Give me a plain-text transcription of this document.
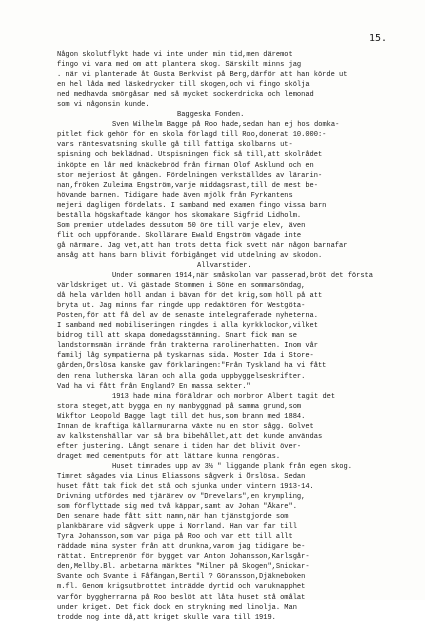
15.
Någon skolutflykt hade vi inte under min tid,men däremot
fingo vi vara med om att plantera skog. Särskilt minns jag
. när vi planterade åt Gusta Berkvist på Berg,därför att han körde ut
en hel låda med läskedrycker till skogen,och vi fingo skölja
ned medhavda smörgåsar med så mycket sockerdricka och lemonad
som vi någonsin kunde.
Baggeska Fonden.
Sven Wilhelm Bagge på Roo hade,sedan han ej hos domka-
pitlet fick gehör för en skola förlagd till Roo,donerat 10.000:-
vars räntesvatsning skulle gå till fattiga skolbarns ut-
spisning och beklädnad. Utspisningen fick så till,att skolrådet
inköpte en lår med knäckebröd från firman Olof Asklund och en
stor mejeriost åt gången. Fördelningen verkställdes av lärarin-
nan,fröken Zuleima Engström,varje middagsrast,till de mest be-
hövande barnen. Tidigare hade även mjölk från Fyrkantens
mejeri dagligen fördelats. I samband med examen fingo vissa barn
beställa högskaftade kängor hos skomakare Sigfrid Lidholm.
Som premier utdelades dessutom 50 öre till varje elev, även
flit och uppförande. Skollärare Ewald Engström vägade inte
gå närmare. Jag vet,att han trots detta fick svett när någon barnafar
ansåg att hans barn blivit förbigånget vid utdelning av skodon.
Allvarstider.
Under sommaren 1914,när småskolan var passerad,bröt det första
världskriget ut. Vi gästade Stommen i Söne en sommarsöndag,
då hela världen höll andan i bävan för det krig,som höll på att
bryta ut. Jag minns far ringde upp redaktören för Westgöta-
Posten,för att få del av de senaste intelegraferade nyheterna.
I samband med mobiliseringen ringdes i alla kyrkklockor,vilket
bidrog till att skapa domedagsstämning. Snart fick man se
landstormsmän irrände från trakterna rarolinerhatten. Inom vår
familj låg sympatierna på tyskarnas sida. Moster Ida i Store-
gården,Örslösa kanske gav förklaringen:"Från Tyskland ha vi fått
den rena lutherska läran och alla goda uppbyggelseskrifter.
Vad ha vi fått från England? En massa sekter."
1913 hade mina föräldrar och morbror Albert tagit det
stora steget,att bygga en ny manbyggnad på samma grund,som
Wikftor Leopold Bagge lagt till det hus,som brann med 1884.
Innan de kraftiga källarmurarna växte nu en stor sågg. Golvet
av kalkstenshällar var så bra bibehållet,att det kunde användas
efter justering. Långt senare i tiden har det blivit över-
draget med cementputs för att lättare kunna rengöras.
Huset timrades upp av 3½ " liggande plank från egen skog.
Timret sågades via Linus Eliassons sågverk i Örslösa. Sedan
huset fått tak fick det stå och sjunka under vintern 1913-14.
Drivning utfördes med tjärärev ov "Drevelars",en krympling,
som förflyttade sig med två käppar,samt av Johan "Åkare".
Den senare hade fått sitt namn,när han tjänstgjorde som
plankbärare vid sågverk uppe i Norrland. Han var far till
Tyra Johansson,som var piga på Roo och var ett till allt
räddade mina syster från att drunkna,varom jag tidigare be-
rättat. Entreprenör för bygget var Anton Johansson,Karlsgår-
den,Mellby.Bl. arbetarna märktes "Milner på Skogen",Snickar-
Svante och Svante i Fåfängan,Bertil ? Göransson,Djäkneboken
m.fl. Genom krigsutbrottet inträdde dyrtid och varuknapphet
varför byggherrarna på Roo beslöt att låta huset stå omålat
under kriget. Det fick dock en strykning med linolja. Man
trodde nog inte då,att kriget skulle vara till 1919.
